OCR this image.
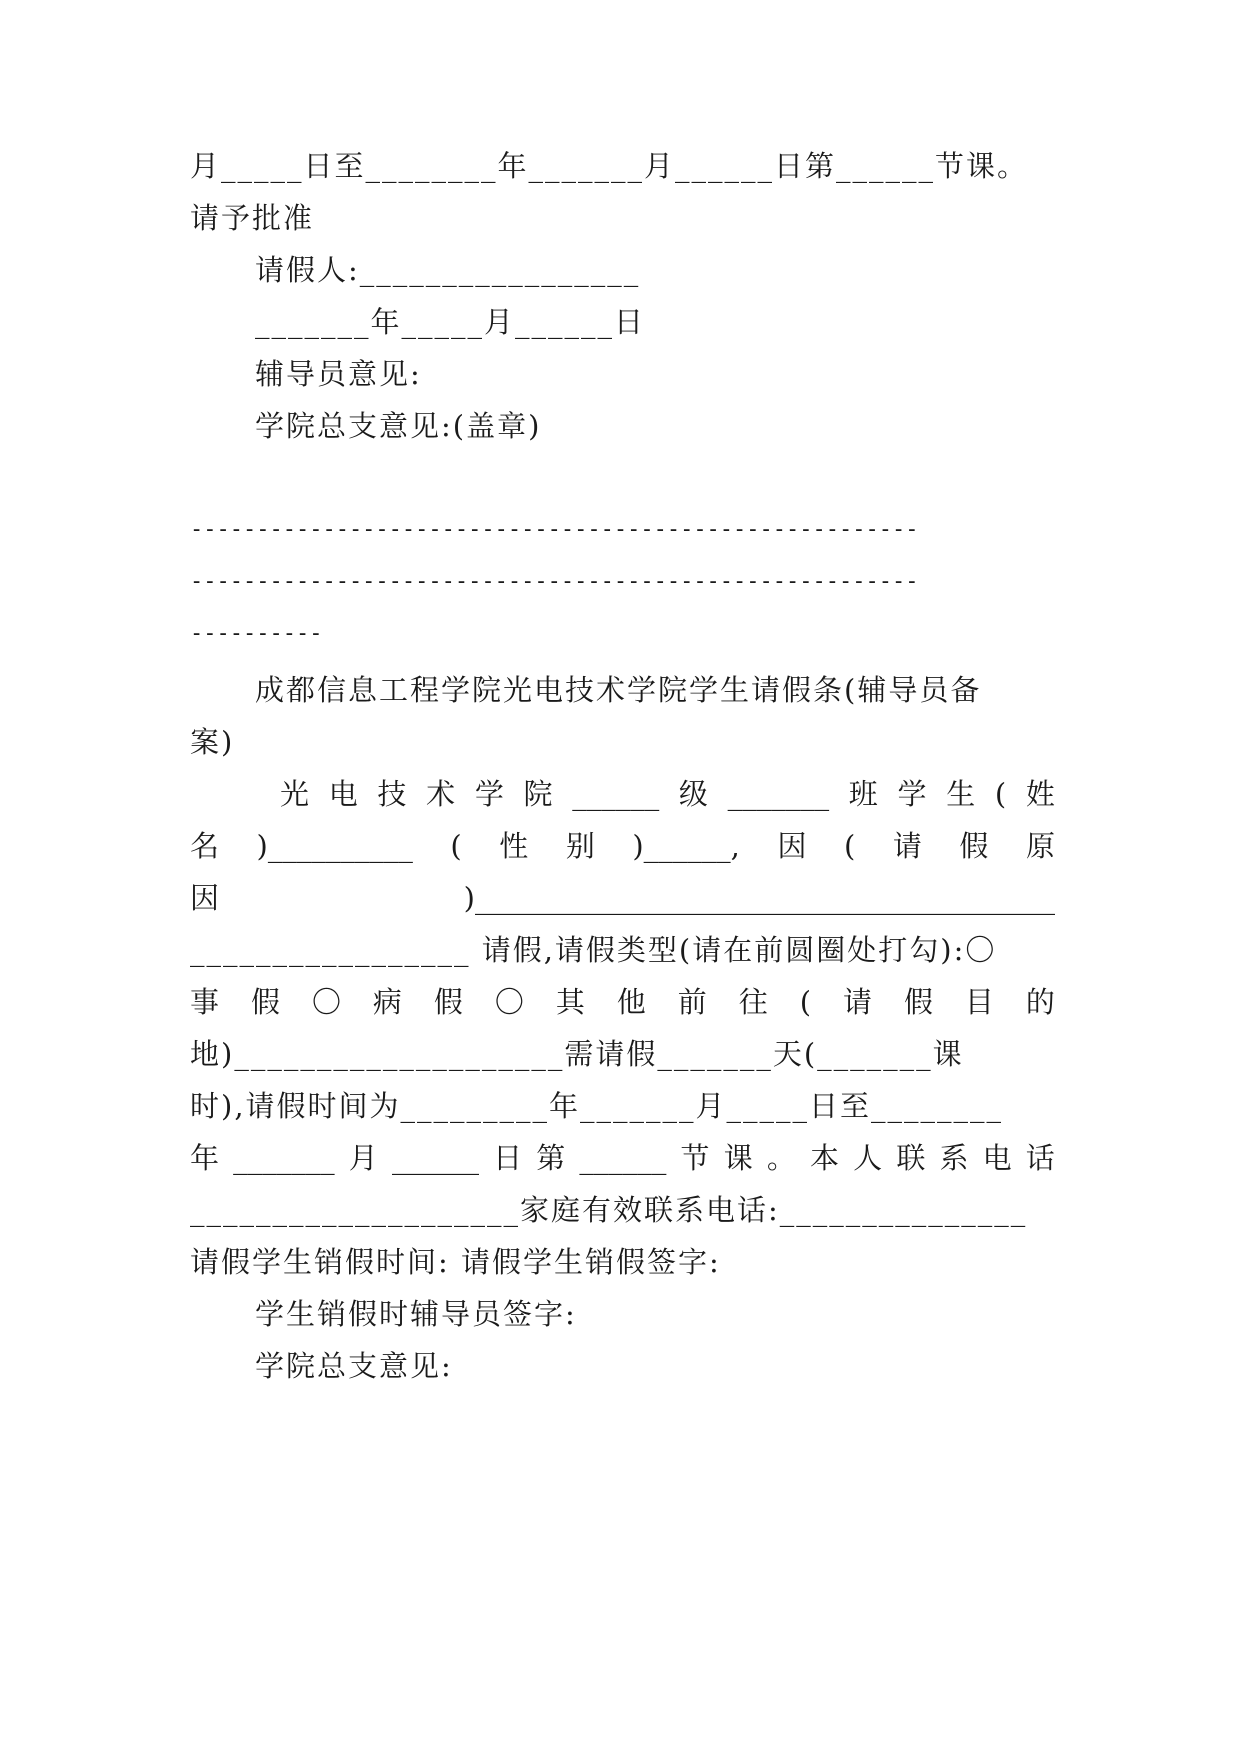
月_____日至________年_______月______日第______节课。
请予批准
请假人:_________________
_______年_____月______日
辅导员意见:
学院总支意见:(盖章)
-------------------------------------------------------
-------------------------------------------------------
----------
成都信息工程学院光电技术学院学生请假条(辅导员备
案)
光 电 技 术 学 院 ______ 级 _______ 班 学 生 ( 姓
名 )__________ ( 性 别 )______, 因 ( 请 假 原
因	)________________________________________
_________________ 请假,请假类型(请在前圆圈处打勾):〇
事 假 〇 病 假 〇 其 他 前 往 ( 请 假 目 的
地)____________________需请假_______天(_______课
时),请假时间为_________年_______月_____日至________
年 _______ 月 ______ 日 第 ______ 节 课 。 本 人 联 系 电 话
____________________家庭有效联系电话:_______________
请假学生销假时间: 请假学生销假签字:
学生销假时辅导员签字:
学院总支意见:
